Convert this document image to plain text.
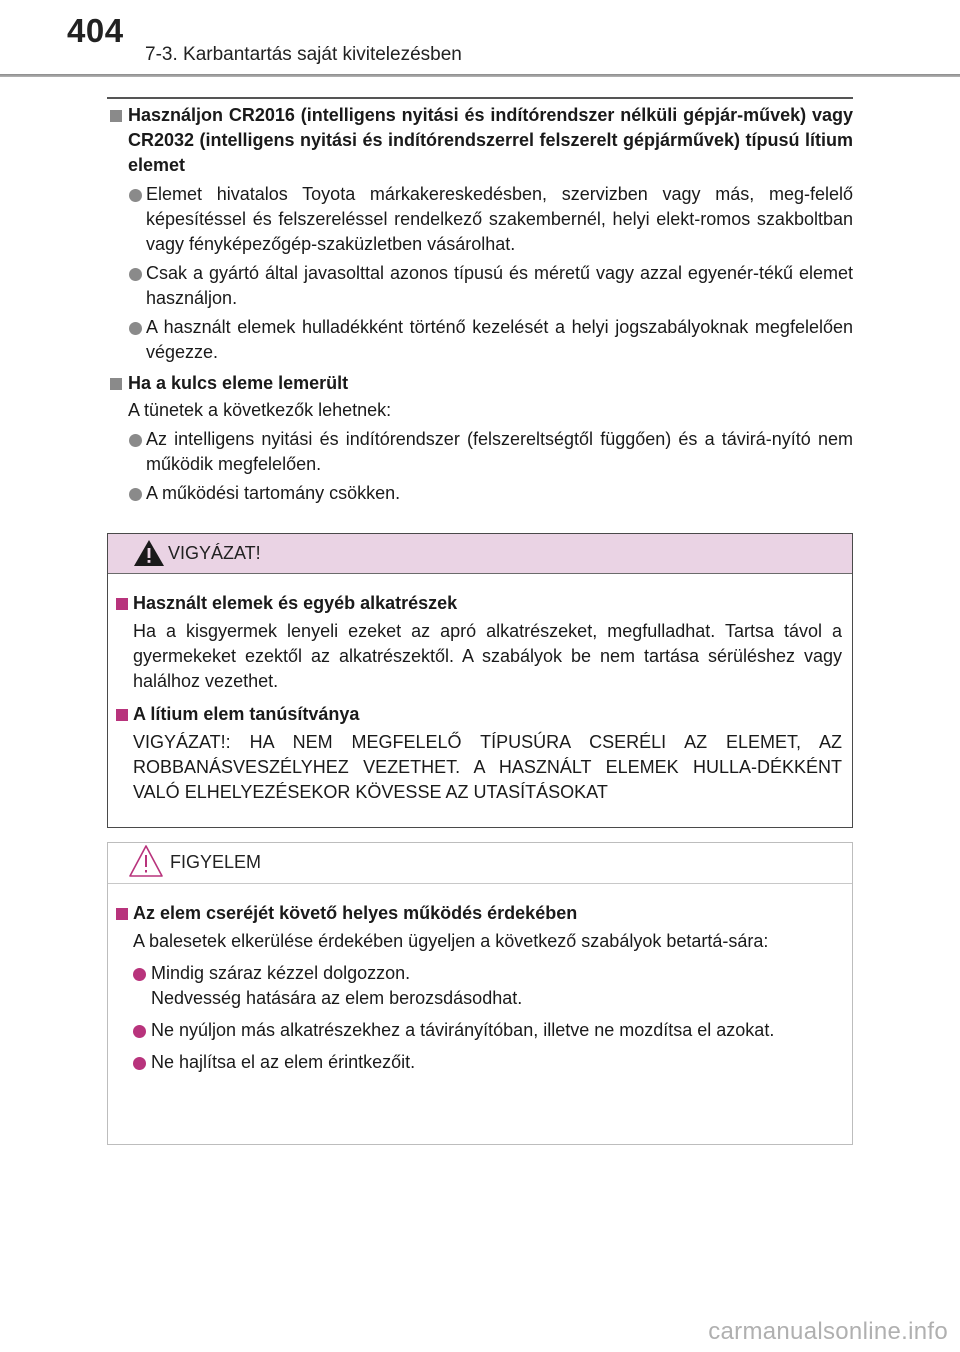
404
7-3. Karbantartás saját kivitelezésben
Használjon CR2016 (intelligens nyitási és indítórendszer nélküli gépjár-művek) vagy CR2032 (intelligens nyitási és indítórendszerrel felszerelt gépjárművek) típusú lítium elemet
Elemet hivatalos Toyota márkakereskedésben, szervizben vagy más, meg-felelő képesítéssel és felszereléssel rendelkező szakembernél, helyi elekt-romos szakboltban vagy fényképezőgép-szaküzletben vásárolhat.
Csak a gyártó által javasolttal azonos típusú és méretű vagy azzal egyenér-tékű elemet használjon.
A használt elemek hulladékként történő kezelését a helyi jogszabályoknak megfelelően végezze.
Ha a kulcs eleme lemerült
A tünetek a következők lehetnek:
Az intelligens nyitási és indítórendszer (felszereltségtől függően) és a távirá-nyító nem működik megfelelően.
A működési tartomány csökken.
VIGYÁZAT!
Használt elemek és egyéb alkatrészek
Ha a kisgyermek lenyeli ezeket az apró alkatrészeket, megfulladhat. Tartsa távol a gyermekeket ezektől az alkatrészektől. A szabályok be nem tartása sérüléshez vagy halálhoz vezethet.
A lítium elem tanúsítványa
VIGYÁZAT!: HA NEM MEGFELELŐ TÍPUSÚRA CSERÉLI AZ ELEMET, AZ ROBBANÁSVESZÉLYHEZ VEZETHET. A HASZNÁLT ELEMEK HULLA-DÉKKÉNT VALÓ ELHELYEZÉSEKOR KÖVESSE AZ UTASÍTÁSOKAT
FIGYELEM
Az elem cseréjét követő helyes működés érdekében
A balesetek elkerülése érdekében ügyeljen a következő szabályok betartá-sára:
Mindig száraz kézzel dolgozzon.
Nedvesség hatására az elem berozsdásodhat.
Ne nyúljon más alkatrészekhez a távirányítóban, illetve ne mozdítsa el azokat.
Ne hajlítsa el az elem érintkezőit.
carmanualsonline.info
